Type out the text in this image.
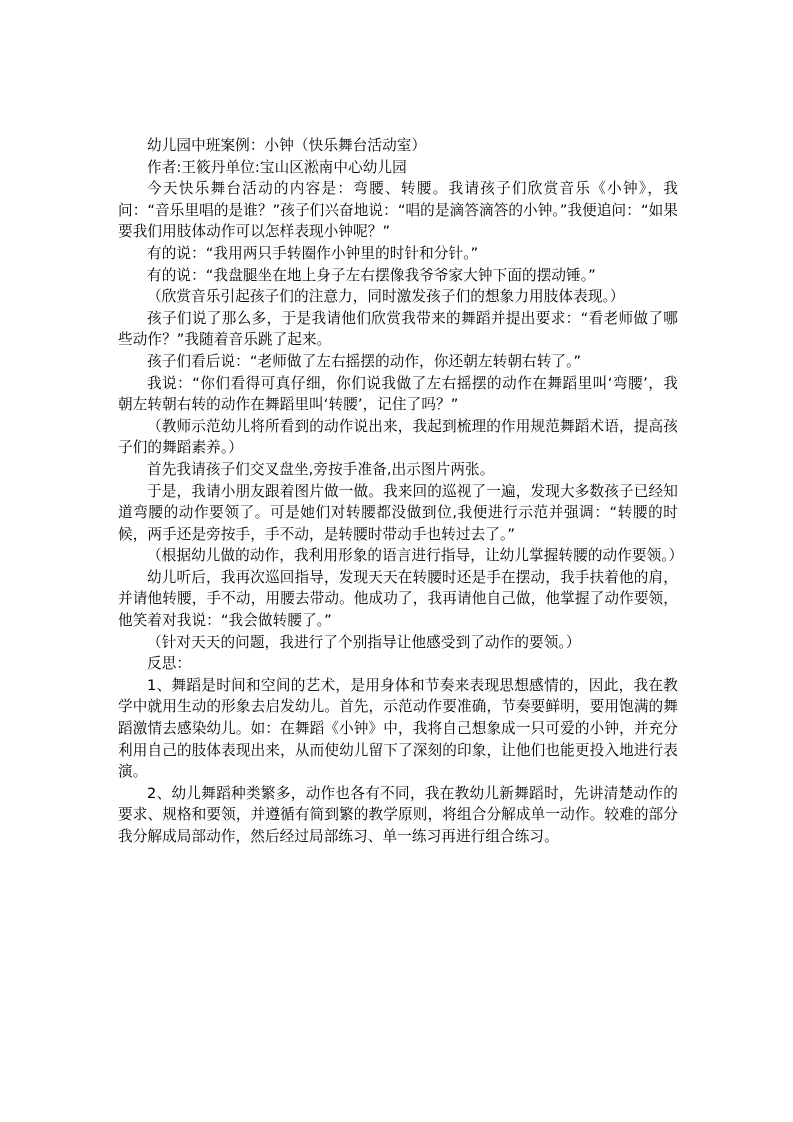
幼儿园中班案例：小钟（快乐舞台活动室）

作者:王筱丹单位:宝山区淞南中心幼儿园

今天快乐舞台活动的内容是：弯腰、转腰。我请孩子们欣赏音乐《小钟》，我问：“音乐里唱的是谁？”孩子们兴奋地说：“唱的是滴答滴答的小钟。”我便追问：“如果要我们用肢体动作可以怎样表现小钟呢？”

有的说：“我用两只手转圈作小钟里的时针和分针。”

有的说：“我盘腿坐在地上身子左右摆像我爷爷家大钟下面的摆动锤。”

（欣赏音乐引起孩子们的注意力，同时激发孩子们的想象力用肢体表现。）

孩子们说了那么多，于是我请他们欣赏我带来的舞蹈并提出要求：“看老师做了哪些动作？”我随着音乐跳了起来。

孩子们看后说：“老师做了左右摇摆的动作，你还朝左转朝右转了。”

我说：“你们看得可真仔细，你们说我做了左右摇摆的动作在舞蹈里叫‘弯腰’，我朝左转朝右转的动作在舞蹈里叫‘转腰’，记住了吗？”

（教师示范幼儿将所看到的动作说出来，我起到梳理的作用规范舞蹈术语，提高孩子们的舞蹈素养。）

首先我请孩子们交叉盘坐,旁按手准备,出示图片两张。

于是，我请小朋友跟着图片做一做。我来回的巡视了一遍，发现大多数孩子已经知道弯腰的动作要领了。可是她们对转腰都没做到位,我便进行示范并强调：“转腰的时候，两手还是旁按手，手不动，是转腰时带动手也转过去了。”

（根据幼儿做的动作，我利用形象的语言进行指导，让幼儿掌握转腰的动作要领。）

幼儿听后，我再次巡回指导，发现天天在转腰时还是手在摆动，我手扶着他的肩，并请他转腰，手不动，用腰去带动。他成功了，我再请他自己做，他掌握了动作要领，他笑着对我说：“我会做转腰了。”

（针对天天的问题，我进行了个别指导让他感受到了动作的要领。）

反思：

1、舞蹈是时间和空间的艺术，是用身体和节奏来表现思想感情的，因此，我在教学中就用生动的形象去启发幼儿。首先，示范动作要准确，节奏要鲜明，要用饱满的舞蹈激情去感染幼儿。如：在舞蹈《小钟》中，我将自己想象成一只可爱的小钟，并充分利用自己的肢体表现出来，从而使幼儿留下了深刻的印象，让他们也能更投入地进行表演。

2、幼儿舞蹈种类繁多，动作也各有不同，我在教幼儿新舞蹈时，先讲清楚动作的要求、规格和要领，并遵循有简到繁的教学原则，将组合分解成单一动作。较难的部分我分解成局部动作，然后经过局部练习、单一练习再进行组合练习。
